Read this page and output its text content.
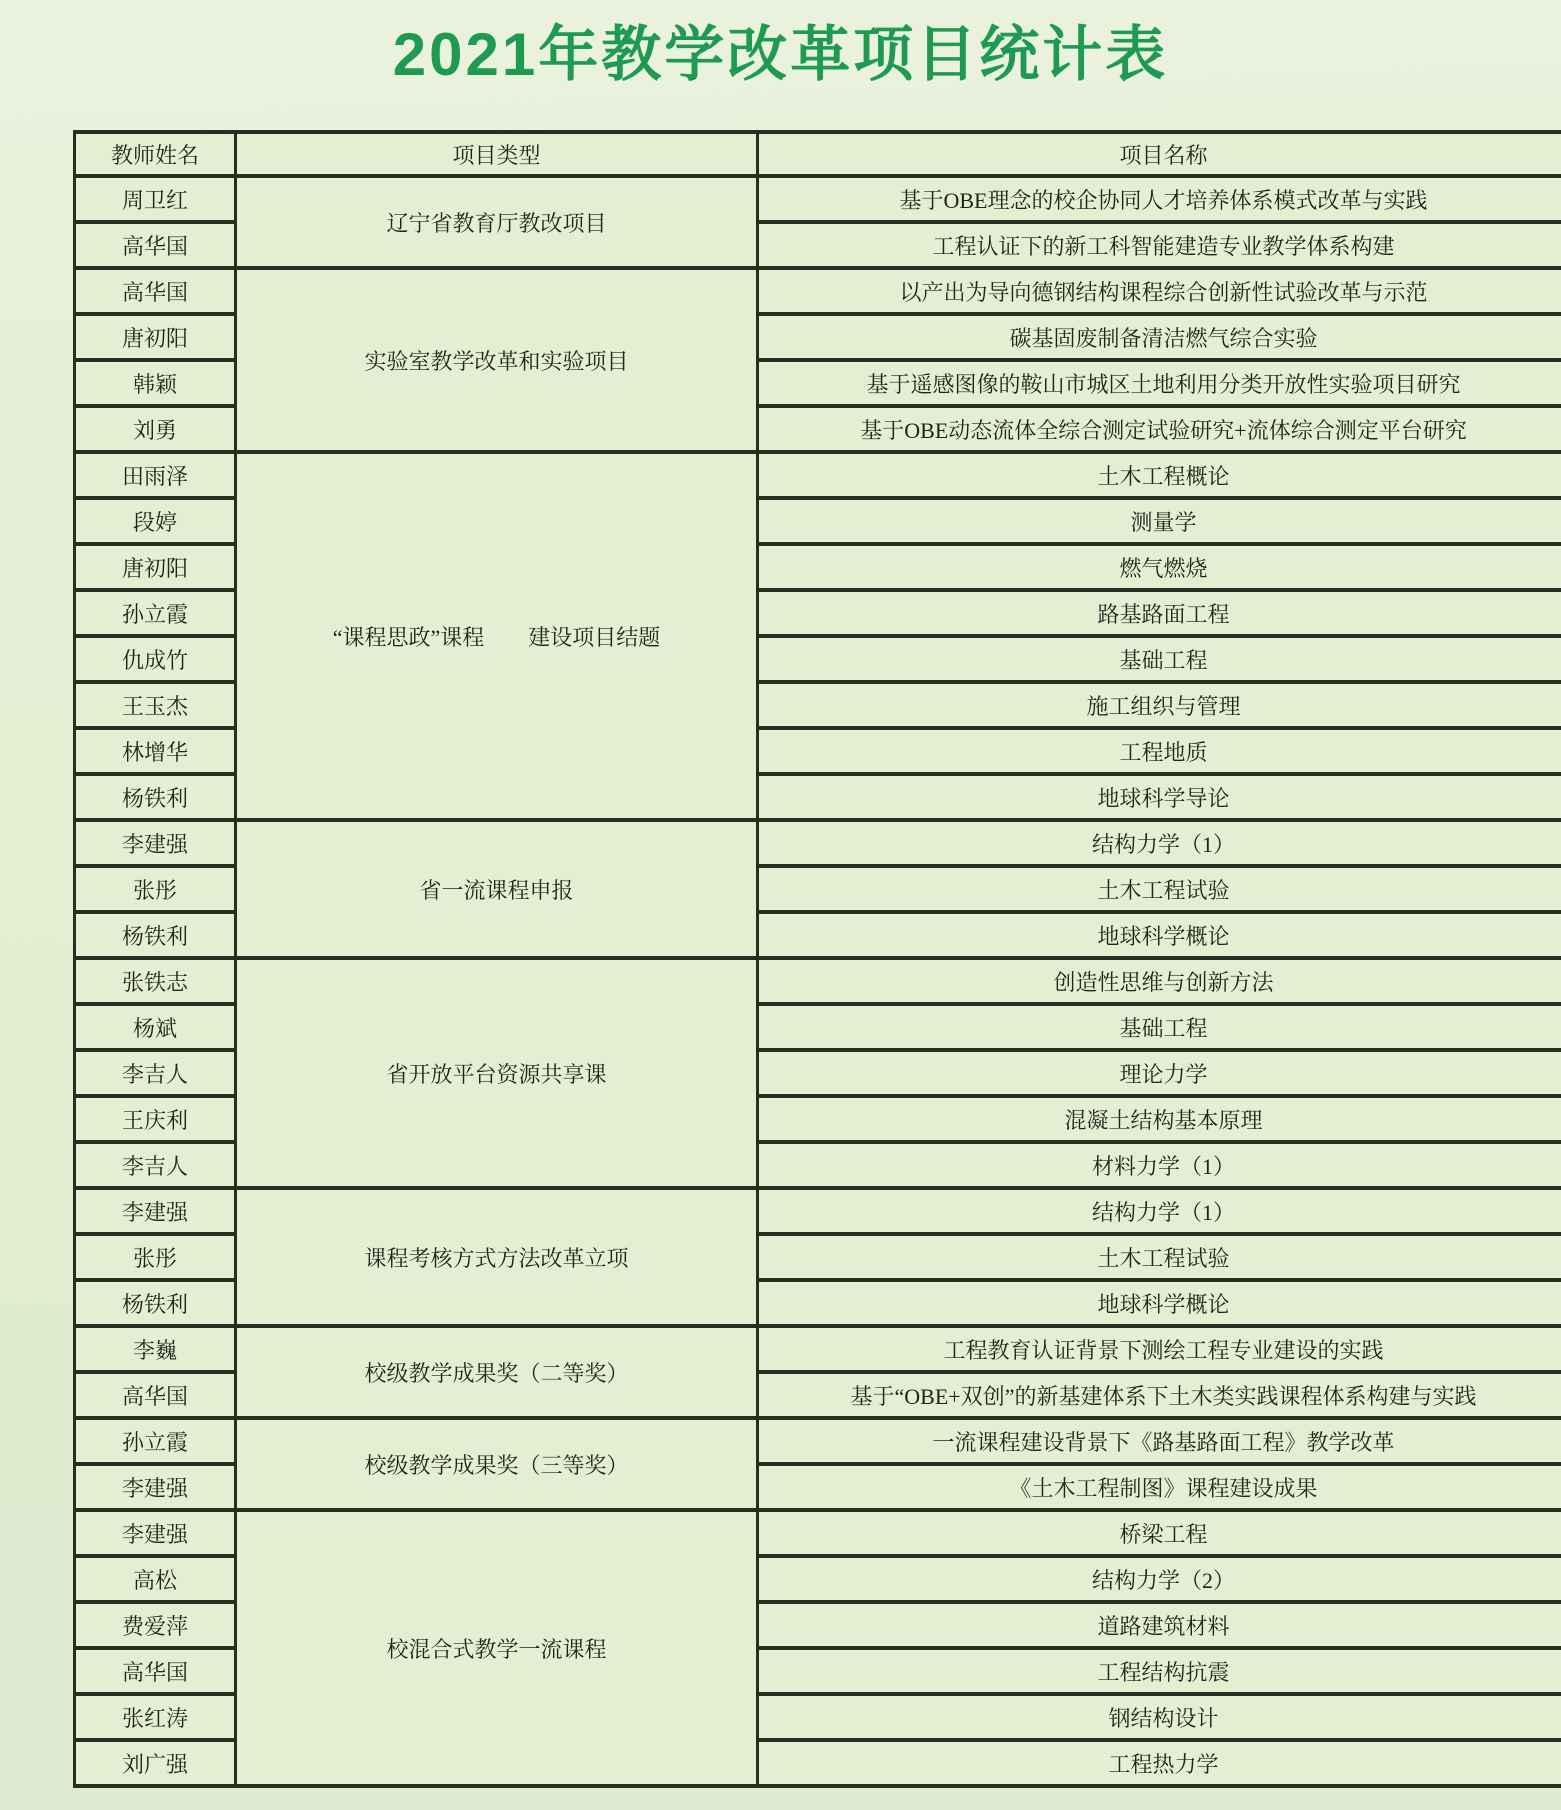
2021年教学改革项目统计表
教师姓名	项目类型	项目名称
周卫红	辽宁省教育厅教改项目	基于OBE理念的校企协同人才培养体系模式改革与实践
高华国		工程认证下的新工科智能建造专业教学体系构建
高华国	实验室教学改革和实验项目	以产出为导向德钢结构课程综合创新性试验改革与示范
唐初阳		碳基固废制备清洁燃气综合实验
韩颖		基于遥感图像的鞍山市城区土地利用分类开放性实验项目研究
刘勇		基于OBE动态流体全综合测定试验研究+流体综合测定平台研究
田雨泽	“课程思政”课程　　建设项目结题	土木工程概论
段婷		测量学
唐初阳		燃气燃烧
孙立霞		路基路面工程
仇成竹		基础工程
王玉杰		施工组织与管理
林增华		工程地质
杨铁利		地球科学导论
李建强	省一流课程申报	结构力学（1）
张彤		土木工程试验
杨铁利		地球科学概论
张铁志	省开放平台资源共享课	创造性思维与创新方法
杨斌		基础工程
李吉人		理论力学
王庆利		混凝土结构基本原理
李吉人		材料力学（1）
李建强	课程考核方式方法改革立项	结构力学（1）
张彤		土木工程试验
杨铁利		地球科学概论
李巍	校级教学成果奖（二等奖）	工程教育认证背景下测绘工程专业建设的实践
高华国		基于“OBE+双创”的新基建体系下土木类实践课程体系构建与实践
孙立霞	校级教学成果奖（三等奖）	一流课程建设背景下《路基路面工程》教学改革
李建强		《土木工程制图》课程建设成果
李建强	校混合式教学一流课程	桥梁工程
高松		结构力学（2）
费爱萍		道路建筑材料
高华国		工程结构抗震
张红涛		钢结构设计
刘广强		工程热力学
